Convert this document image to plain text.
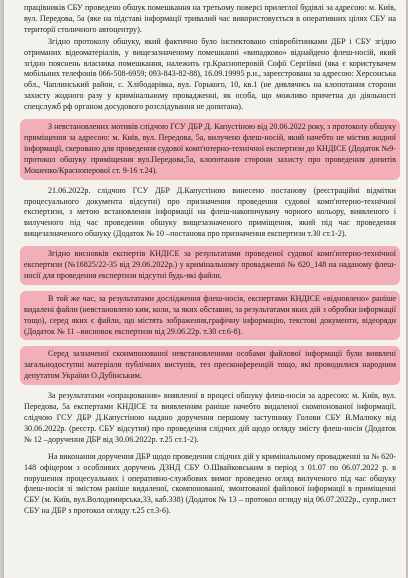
працівників СБУ проведено обшук помешкання на третьому поверсі прилеглої будівлі за адресою: м. Київ, вул. Передова, 5а (яке на підставі інформації тривалий час використовується в оперативних цілях СБУ на території столичного автоцентру).

Згідно протоколу обшуку, який фактично було інспектовано співробітниками ДБР і СБУ згідно отриманих відеоматеріалів, у вищезазначеному помешканні «випадково» віднайдено флеш-носій, який згідно пояснень власника помешкання, належить гр.Красноперовій Софії Сергіївні (яка є користувачем мобільних телефонів 066-508-6959; 093-843-82-88), 16.09.19995 р.н., зареєстрована за адресою: Херсонська обл., Чаплинський район, с. Хлібодарівка, вул. Горького, 10, кв.1 (не дивлячись на клопотання сторони захисту жодного разу у кримінальному провадженні, як особа, що можливо причетна до діяльності спецслужб рф органом досудового розслідування не допитана).

З невстановлених мотивів слідчою ГСУ ДБР Д. Капустіною від 20.06.2022 року, з протоколу обшуку приміщення за адресою: м. Київ, вул. Передова, 5а, вилучено флеш-носій, який начебто не містив жодної інформації, скеровано для проведення судової комп'ютерно-технічної експертизи до КНДІСЕ (Додаток №9- протокол обшуку приміщення вул.Передова,5а, клопотання сторони захисту про проведення допитів Мошенко/Красноперової ст. 9-16 т.24).

21.06.2022р. слідчою ГСУ ДБР Д.Капустіною винесено постанову (реєстраційні відмітки процесуального документа відсутні) про призначення проведення судової комп'ютерно-технічної експертизи, з метою встановлення інформації на флеш-накопичувачу чорного кольору, виявленого і вилученого під час проведення обшуку вищезазначеного приміщення, який під час проведення вищезазначеного обшуку (Додаток № 10 –постанова про призначення експертизи т.30 ст.1-2).

Згідно висновків експертів КНДІСЕ за результатами проведеної судової комп'ютерно-технічної експертизи (№16825/22-35 від 29.06.2022р.) у кримінальному провадженні № 620_148 на наданому флеш-носії для проведення експертизи відсутні будь-які файли.

В той же час, за результатами дослідження флеш-носія, експертами КНДІСЕ «відновлено» раніше видалені файли (невстановлено ким, коли, за яких обставин, за результатами яких дій з обробки інформації тощо), серед яких є файли, що містять зображення,графічну інформацію, текстові документи, відеоряди (Додаток № 11 –висновок експертизи від 29.06.22р. т.30 ст.6-8).

Серед зазначеної сконмпонованої невстановленими особами файлової інформації були виявлені загальнодоступні матеріали публічних виступів, тез пресконференцій тощо, які проводилися народним депутатом України О.Дубінським.

За результатами «опрацювання» виявленої в процесі обшуку флеш-носія за адресою: м. Київ, вул. Передова, 5а експертами КНДІСЕ та виявленням раніше начебто видаленої скомпонованої інформації, слідчою ГСУ ДБР Д.Капустіною надано доручення першому заступнику Голови СБУ В.Малюку від 30.06.2022р. (реєстр. СБУ відсутня) про проведення слідчих дій щодо огляду змісту флеш-носія (Додаток № 12 –доручення ДБР від 30.06.2022р. т.25 ст.1-2).

На виконання доручення ДБР щодо проведення слідчих дій у кримінальному провадженні за № 620-148 офіцером з особливих доручень ДЗНД СБУ О.Швайковським в період з 01.07 по 06.07.2022 р. в порушення процесуальних і оперативно-службових вимог проведено огляд вилученого під час обшуку флеш-носія зі змістом раніше видаленої, скомпонованої, змонтованої файлової інформації в приміщенні СБУ (м. Київ, вул.Володимирська,33, каб.338) (Додаток № 13 – протокол огляду від 06.07.2022р., супр.лист СБУ на ДБР з протокол огляду т.25 ст.3-6).
